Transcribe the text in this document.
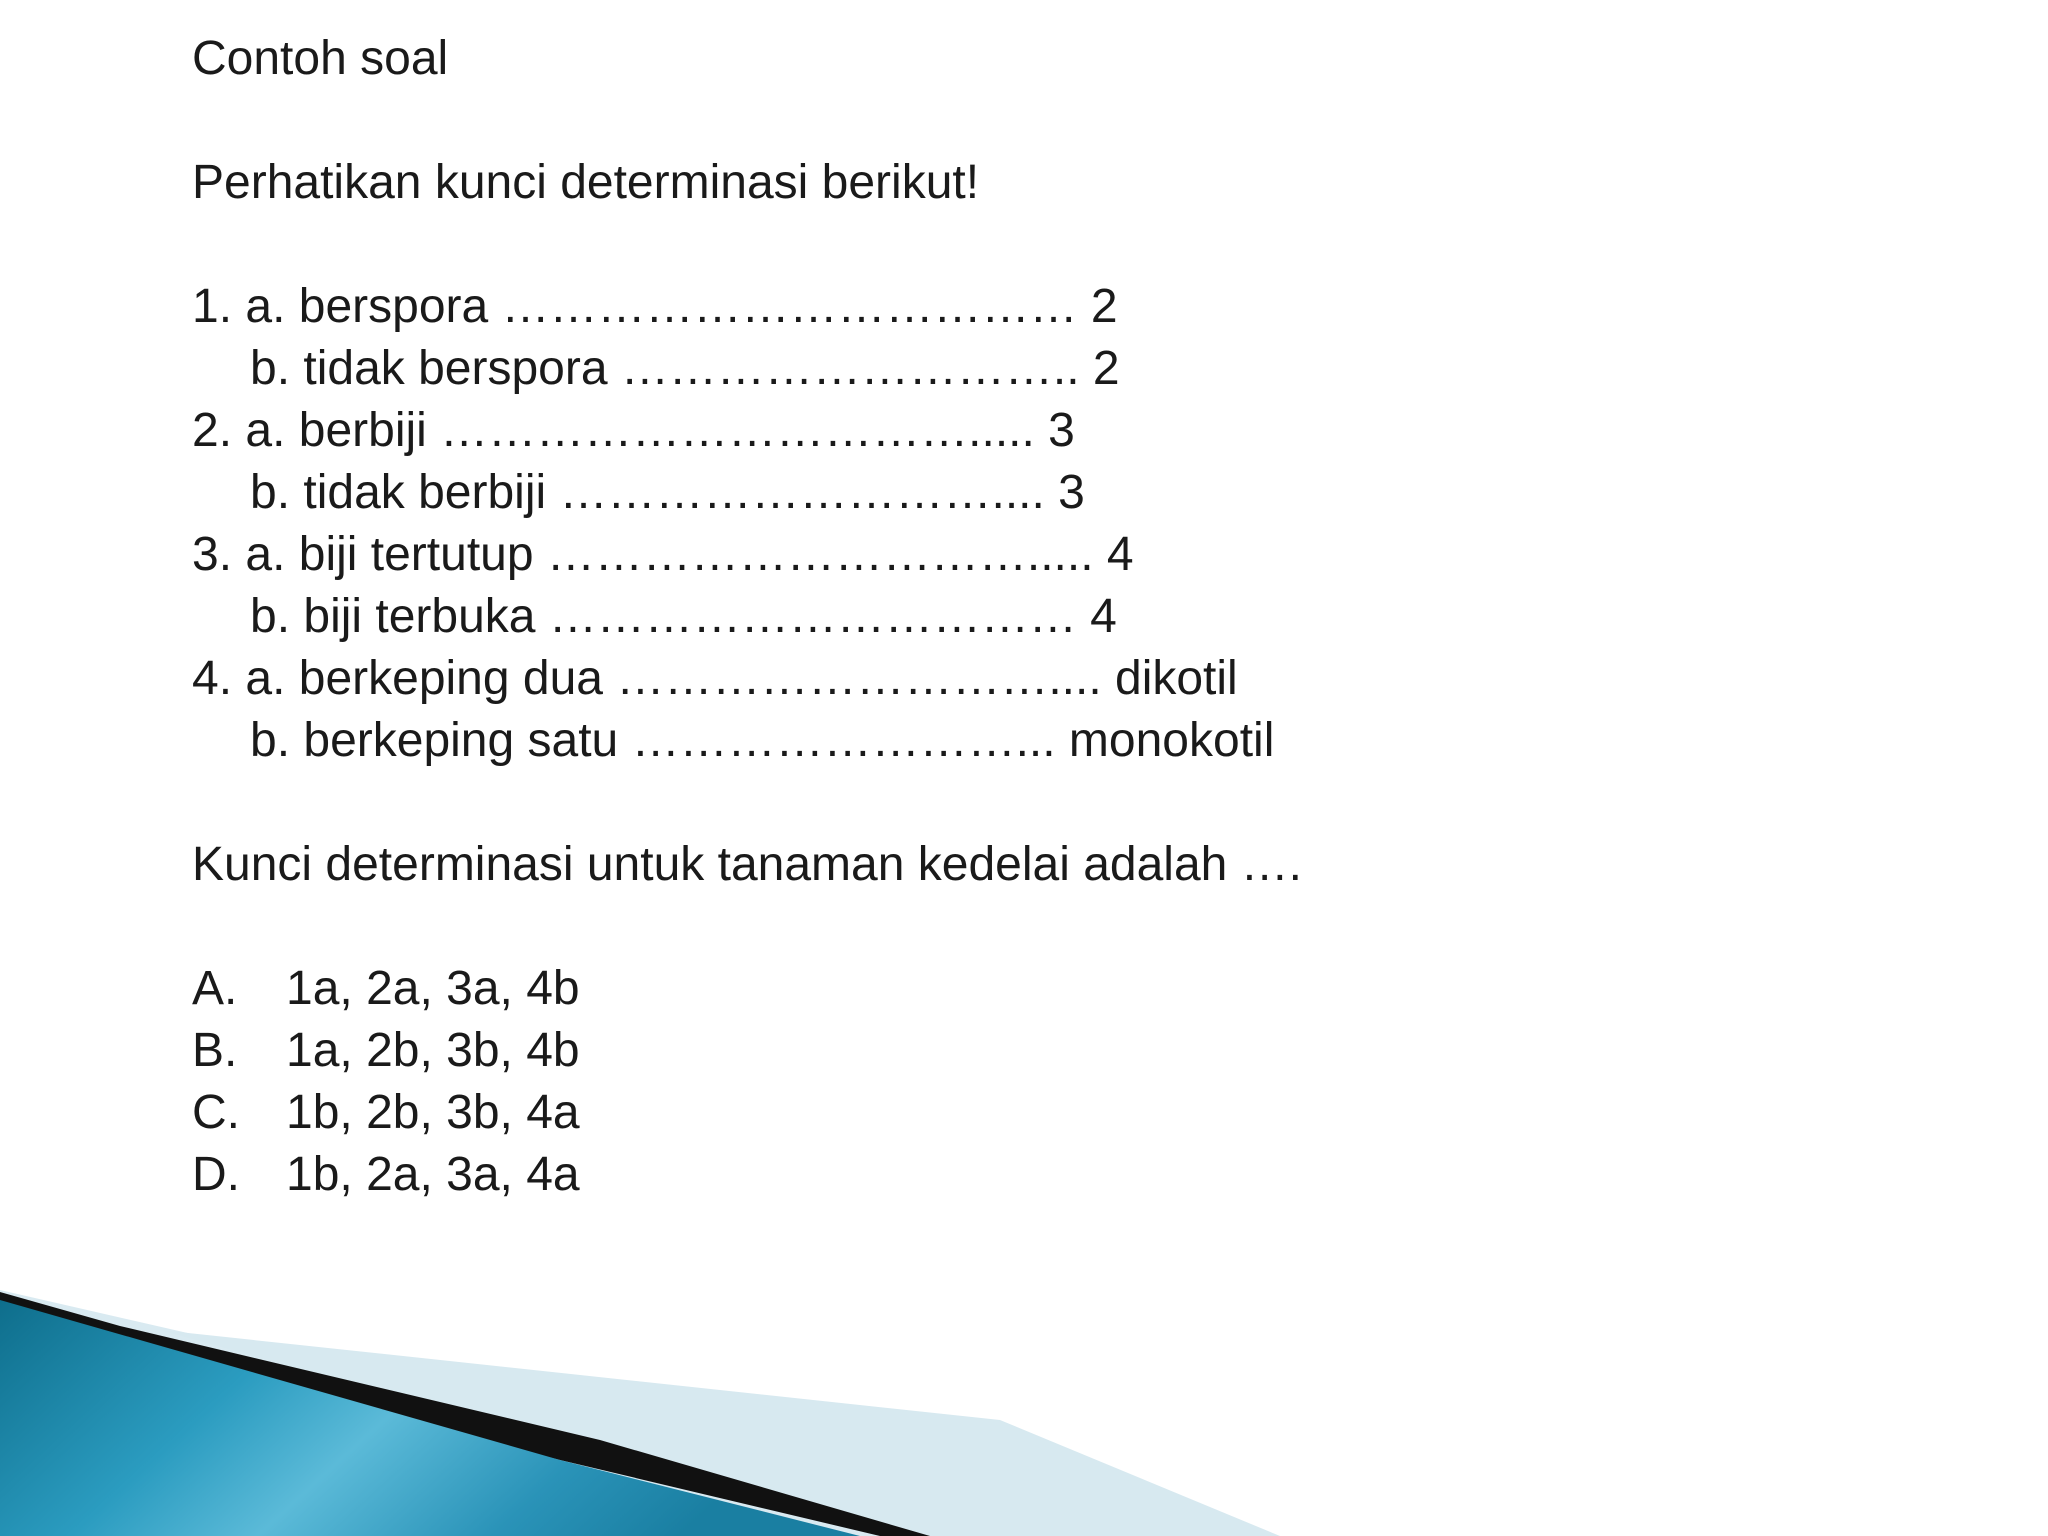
Contoh soal
Perhatikan kunci determinasi berikut!
1. a. berspora ……………………………… 2
b. tidak berspora ……………………….. 2
2. a. berbiji ……………………………..... 3
b. tidak berbiji ……………………….... 3
3. a. biji tertutup …………………………..... 4
b. biji terbuka …………………………… 4
4. a. berkeping dua ……………………….... dikotil
b. berkeping satu ……………………... monokotil
Kunci determinasi untuk tanaman kedelai adalah ….
A. 1a, 2a, 3a, 4b
B. 1a, 2b, 3b, 4b
C. 1b, 2b, 3b, 4a
D. 1b, 2a, 3a, 4a
